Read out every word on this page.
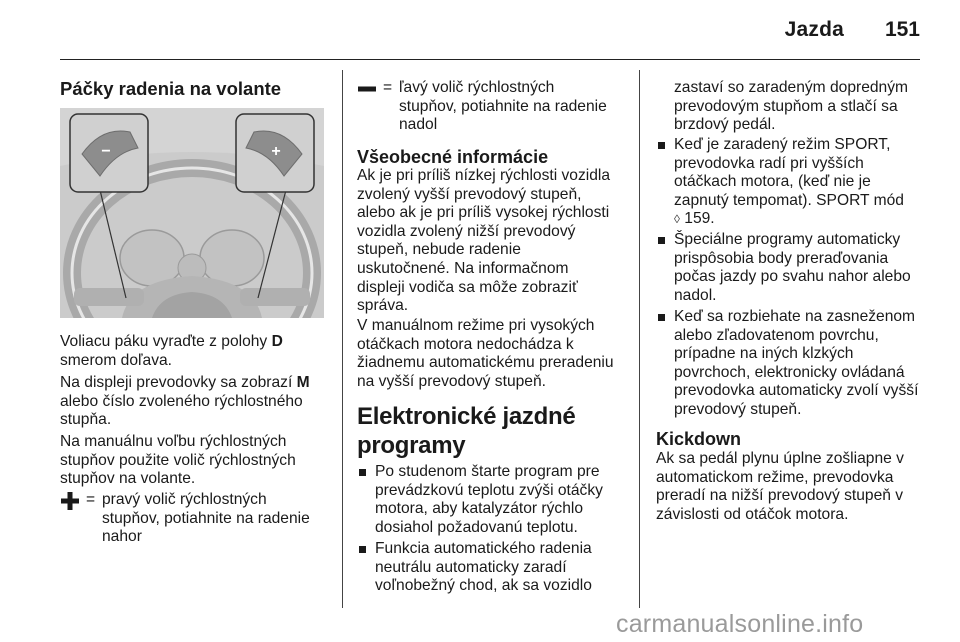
Jazda 151
Páčky radenia na volante
−	+

Voliacu páku vyraďte z polohy D
smerom doľava.

Na displeji prevodovky sa zobrazí M
alebo číslo zvoleného rýchlostného
stupňa.

Na manuálnu voľbu rýchlostných
stupňov použite volič rýchlostných
stupňov na volante.

= pravý volič rýchlostných
stupňov, potiahnite na radenie
nahor
= ľavý volič rýchlostných
stupňov, potiahnite na radenie
nadol
Všeobecné informácie

Ak je pri príliš nízkej rýchlosti vozidla
zvolený vyšší prevodový stupeň,
alebo ak je pri príliš vysokej rýchlosti
vozidla zvolený nižší prevodový
stupeň, nebude radenie
uskutočnené. Na informačnom
displeji vodiča sa môže zobraziť
správa.

V manuálnom režime pri vysokých
otáčkach motora nedochádza k
žiadnemu automatickému preradeniu
na vyšší prevodový stupeň.

Elektronické jazdné
programy
Po studenom štarte program pre
prevádzkovú teplotu zvýši otáčky
motora, aby katalyzátor rýchlo
dosiahol požadovanú teplotu.
Funkcia automatického radenia
neutrálu automaticky zaradí
voľnobežný chod, ak sa vozidlo

zastaví so zaradeným dopredným
prevodovým stupňom a stlačí sa
brzdový pedál.

Keď je zaradený režim SPORT,
prevodovka radí pri vyšších
otáčkach motora, (keď nie je
zapnutý tempomat). SPORT mód
◊ 159.
Špeciálne programy automaticky
prispôsobia body preraďovania
počas jazdy po svahu nahor alebo
nadol.
Keď sa rozbiehate na zasneženom
alebo zľadovatenom povrchu,
prípadne na iných klzkých
povrchoch, elektronicky ovládaná
prevodovka automaticky zvolí vyšší
prevodový stupeň.
Kickdown

Ak sa pedál plynu úplne zošliapne v
automatickom režime, prevodovka
preradí na nižší prevodový stupeň v
závislosti od otáčok motora.

carmanualsonline.info
